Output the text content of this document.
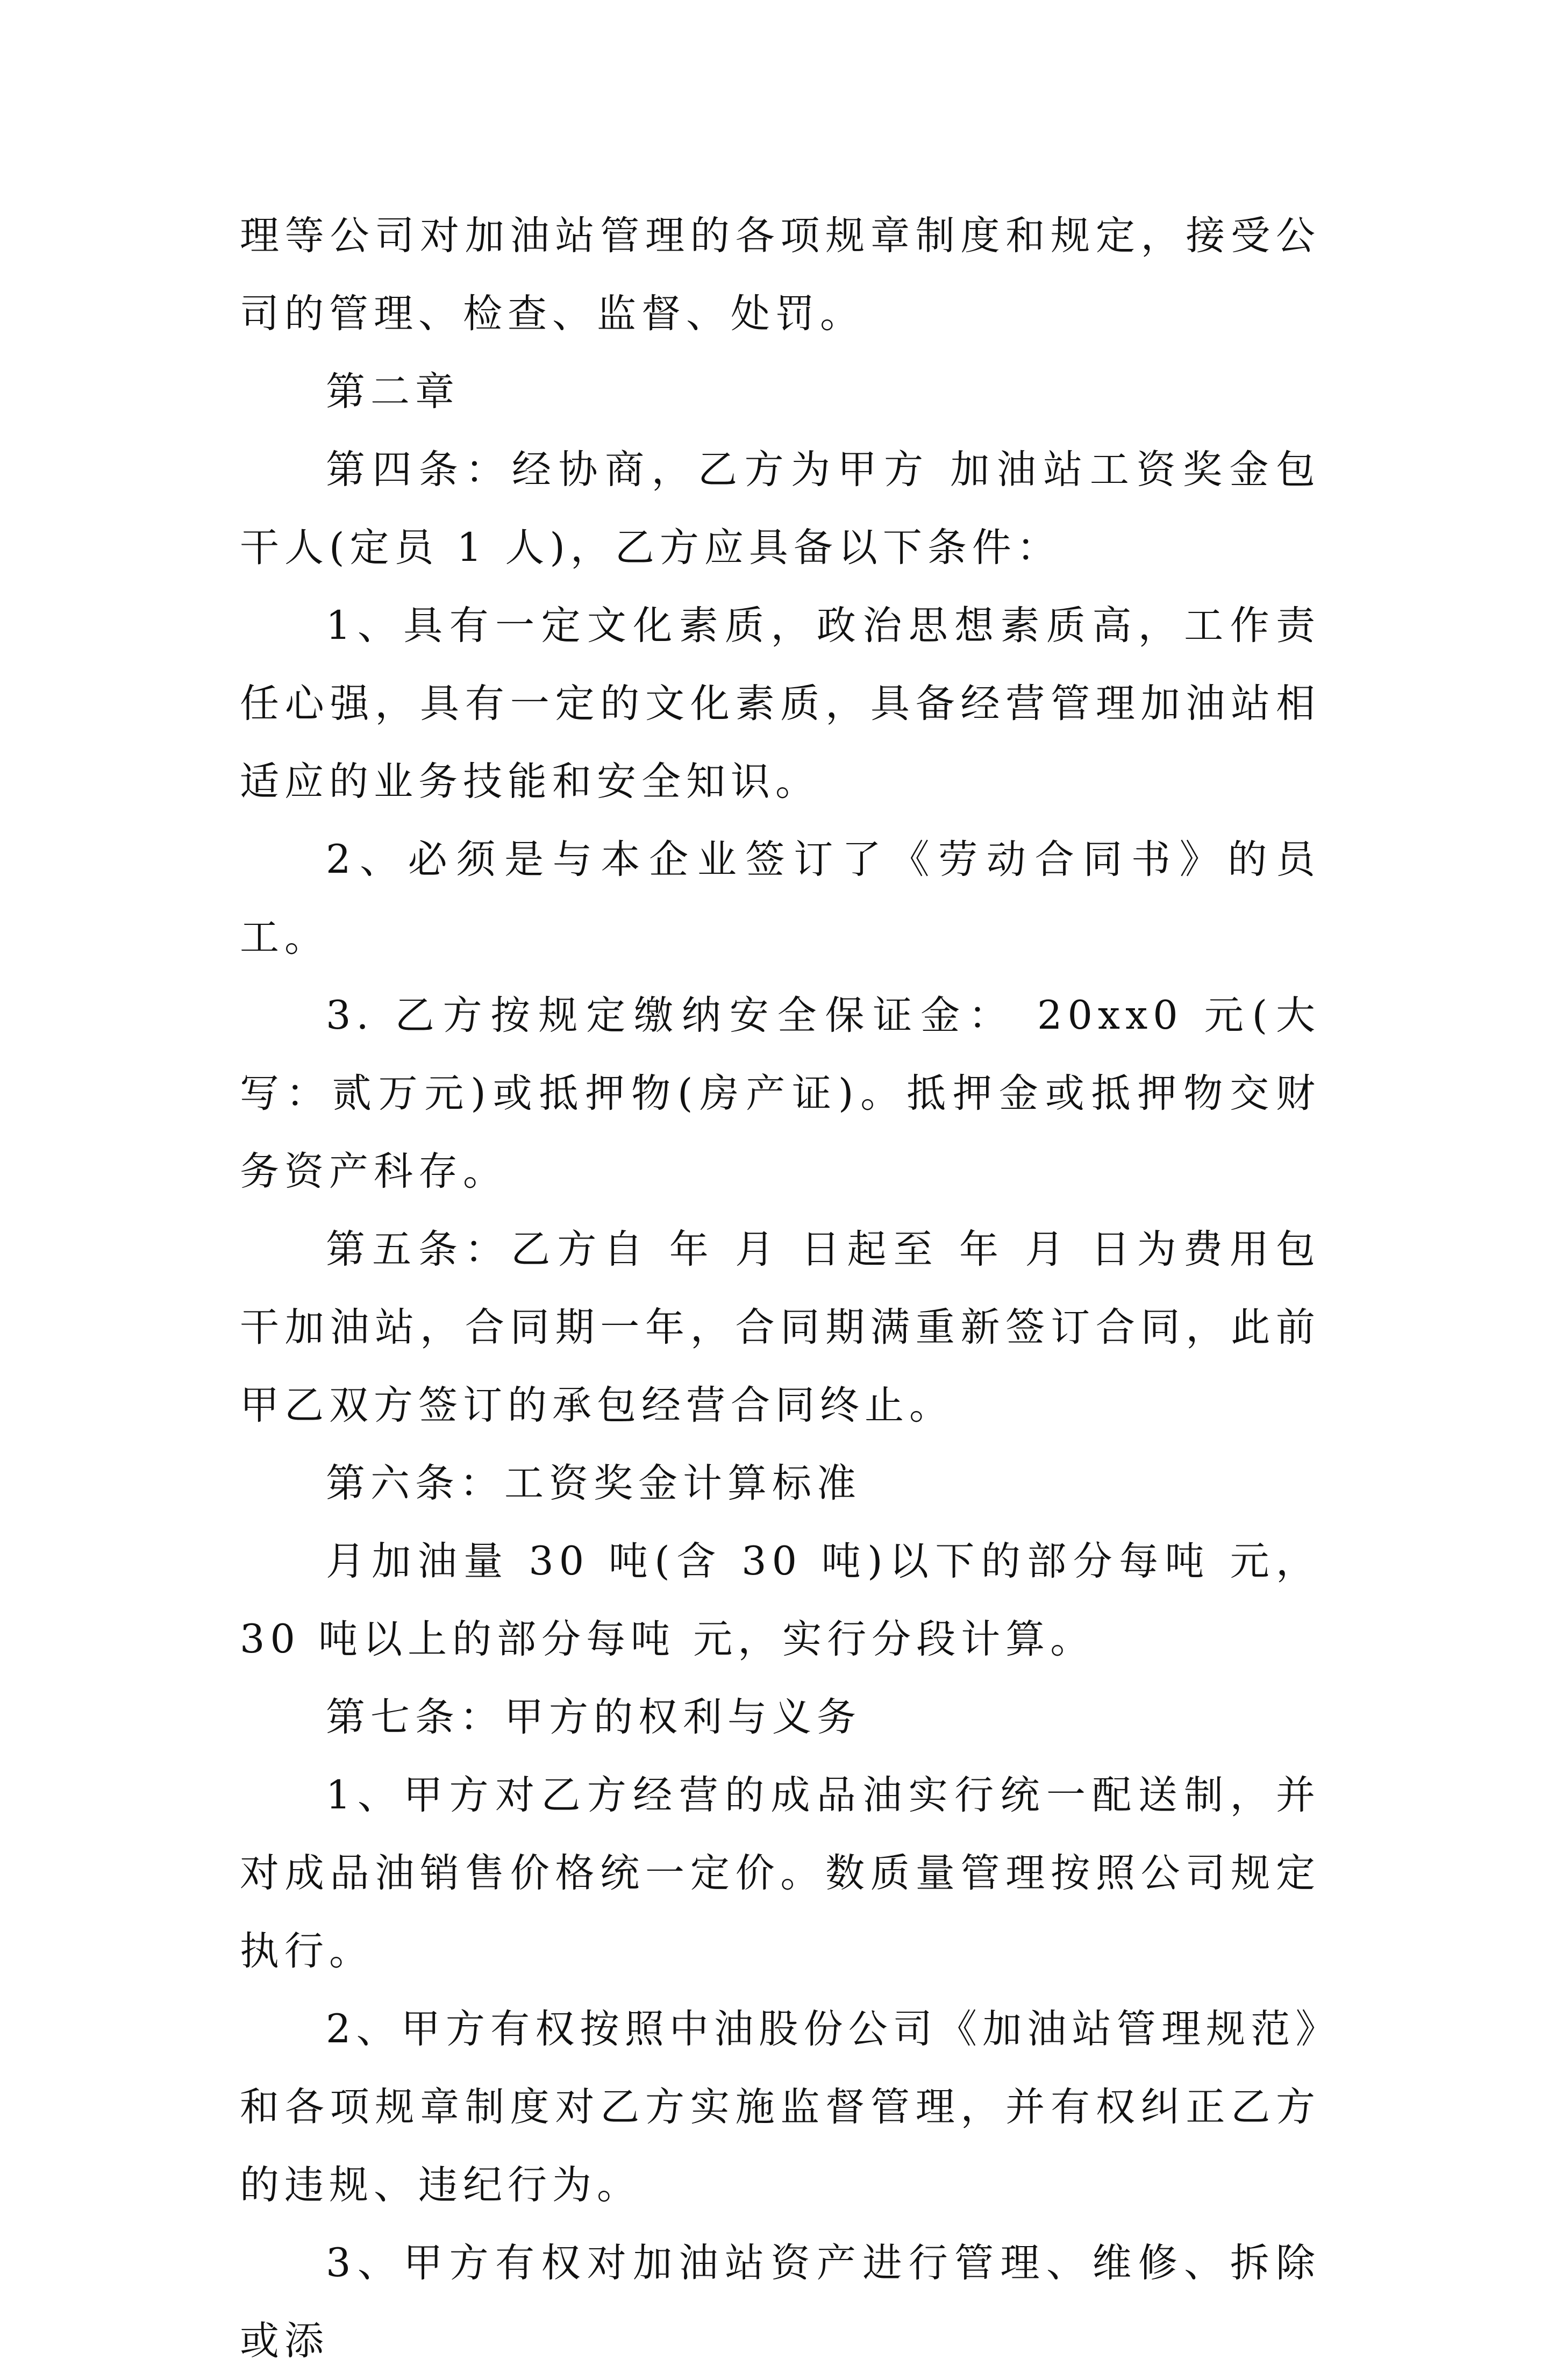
理等公司对加油站管理的各项规章制度和规定，接受公司的管理、检查、监督、处罚。

第二章

第四条：经协商，乙方为甲方 加油站工资奖金包干人(定员 1 人)，乙方应具备以下条件：

1、具有一定文化素质，政治思想素质高，工作责任心强，具有一定的文化素质，具备经营管理加油站相适应的业务技能和安全知识。

2、必须是与本企业签订了《劳动合同书》的员工。

3. 乙方按规定缴纳安全保证金： 20xx0 元(大写：贰万元)或抵押物(房产证)。抵押金或抵押物交财务资产科存。

第五条：乙方自 年 月 日起至 年 月 日为费用包干加油站，合同期一年，合同期满重新签订合同，此前甲乙双方签订的承包经营合同终止。

第六条：工资奖金计算标准

月加油量 30 吨(含 30 吨)以下的部分每吨 元，30 吨以上的部分每吨 元，实行分段计算。

第七条：甲方的权利与义务

1、甲方对乙方经营的成品油实行统一配送制，并对成品油销售价格统一定价。数质量管理按照公司规定执行。

2、甲方有权按照中油股份公司《加油站管理规范》和各项规章制度对乙方实施监督管理，并有权纠正乙方的违规、违纪行为。

3、甲方有权对加油站资产进行管理、维修、拆除或添
